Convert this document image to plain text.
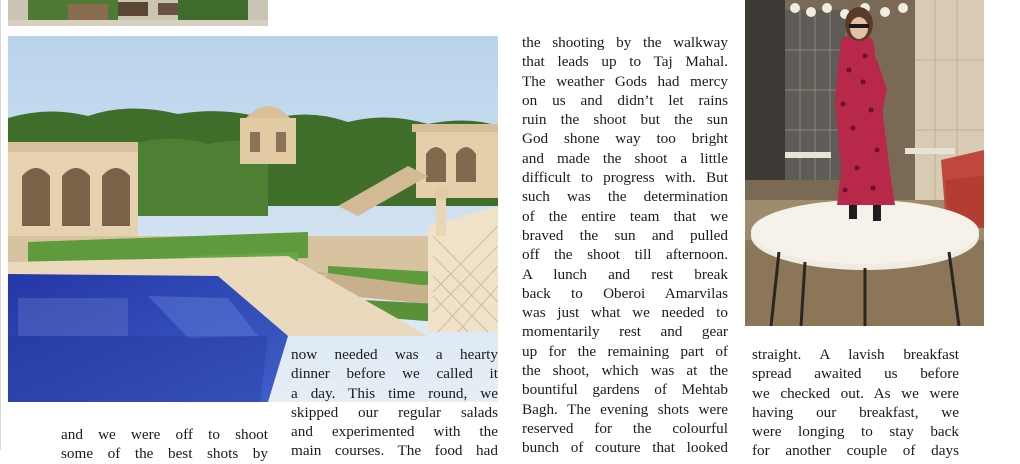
and we were off to shoot
some of the best shots by
now needed was a hearty
dinner before we called it
a day. This time round, we
skipped our regular salads
and experimented with the
main courses. The food had
the shooting by the walkway
that leads up to Taj Mahal.
The weather Gods had mercy
on us and didn’t let rains
ruin the shoot but the sun
God shone way too bright
and made the shoot a little
difficult to progress with. But
such was the determination
of the entire team that we
braved the sun and pulled
off the shoot till afternoon.
A lunch and rest break
back to Oberoi Amarvilas
was just what we needed to
momentarily rest and gear
up for the remaining part of
the shoot, which was at the
bountiful gardens of Mehtab
Bagh. The evening shots were
reserved for the colourful
bunch of couture that looked
straight. A lavish breakfast
spread awaited us before
we checked out. As we were
having our breakfast, we
were longing to stay back
for another couple of days
